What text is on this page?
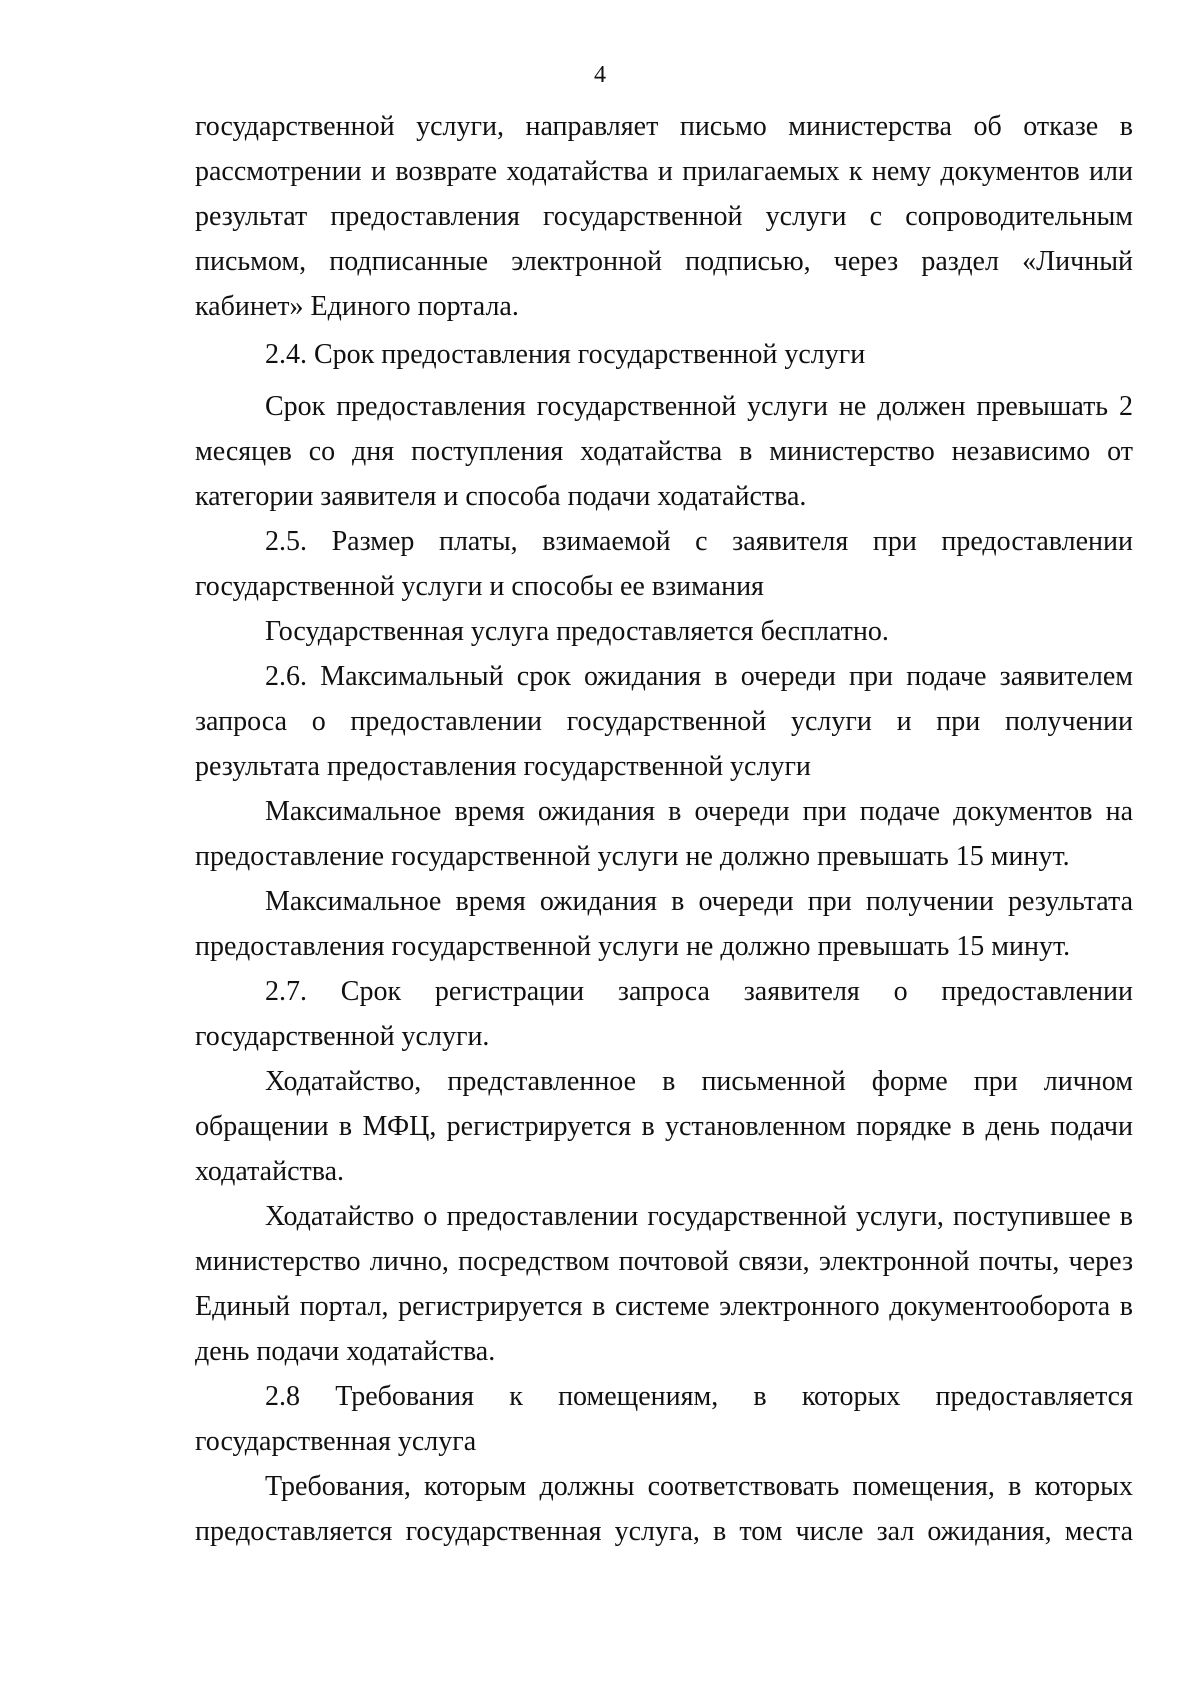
4

государственной услуги, направляет письмо министерства об отказе в рассмотрении и возврате ходатайства и прилагаемых к нему документов или результат предоставления государственной услуги с сопроводительным письмом, подписанные электронной подписью, через раздел «Личный кабинет» Единого портала.

2.4. Срок предоставления государственной услуги

Срок предоставления государственной услуги не должен превышать 2 месяцев со дня поступления ходатайства в министерство независимо от категории заявителя и способа подачи ходатайства.

2.5. Размер платы, взимаемой с заявителя при предоставлении государственной услуги и способы ее взимания

Государственная услуга предоставляется бесплатно.

2.6. Максимальный срок ожидания в очереди при подаче заявителем запроса о предоставлении государственной услуги и при получении результата предоставления государственной услуги

Максимальное время ожидания в очереди при подаче документов на предоставление государственной услуги не должно превышать 15 минут.

Максимальное время ожидания в очереди при получении результата предоставления государственной услуги не должно превышать 15 минут.

2.7. Срок регистрации запроса заявителя о предоставлении государственной услуги.

Ходатайство, представленное в письменной форме при личном обращении в МФЦ, регистрируется в установленном порядке в день подачи ходатайства.

Ходатайство о предоставлении государственной услуги, поступившее в министерство лично, посредством почтовой связи, электронной почты, через Единый портал, регистрируется в системе электронного документооборота в день подачи ходатайства.

2.8 Требования к помещениям, в которых предоставляется государственная услуга

Требования, которым должны соответствовать помещения, в которых предоставляется государственная услуга, в том числе зал ожидания, места
